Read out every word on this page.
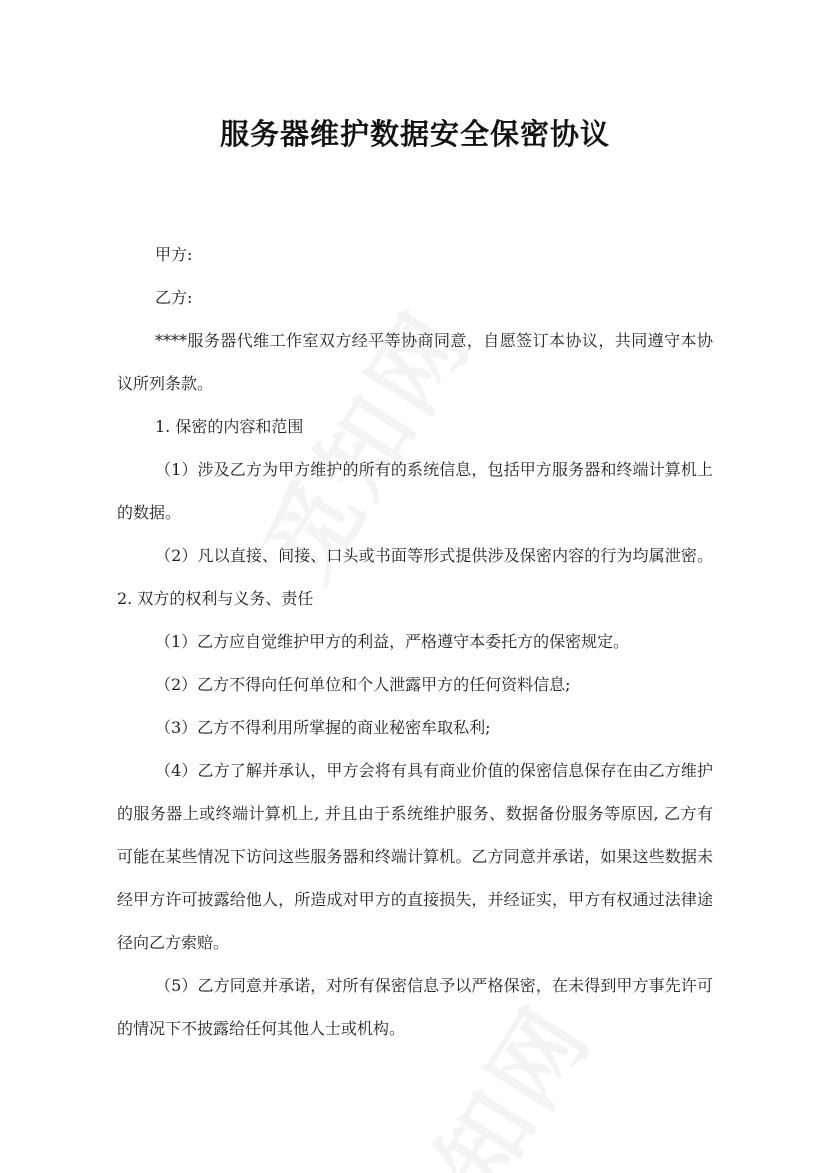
服务器维护数据安全保密协议

甲方:

乙方:

****服务器代维工作室双方经平等协商同意，自愿签订本协议，共同遵守本协议所列条款。

1. 保密的内容和范围

（1）涉及乙方为甲方维护的所有的系统信息，包括甲方服务器和终端计算机上的数据。

（2）凡以直接、间接、口头或书面等形式提供涉及保密内容的行为均属泄密。2. 双方的权利与义务、责任

（1）乙方应自觉维护甲方的利益，严格遵守本委托方的保密规定。

（2）乙方不得向任何单位和个人泄露甲方的任何资料信息;

（3）乙方不得利用所掌握的商业秘密牟取私利;

（4）乙方了解并承认，甲方会将有具有商业价值的保密信息保存在由乙方维护的服务器上或终端计算机上, 并且由于系统维护服务、数据备份服务等原因, 乙方有可能在某些情况下访问这些服务器和终端计算机。乙方同意并承诺，如果这些数据未经甲方许可披露给他人，所造成对甲方的直接损失，并经证实，甲方有权通过法律途径向乙方索赔。

（5）乙方同意并承诺，对所有保密信息予以严格保密，在未得到甲方事先许可的情况下不披露给任何其他人士或机构。
